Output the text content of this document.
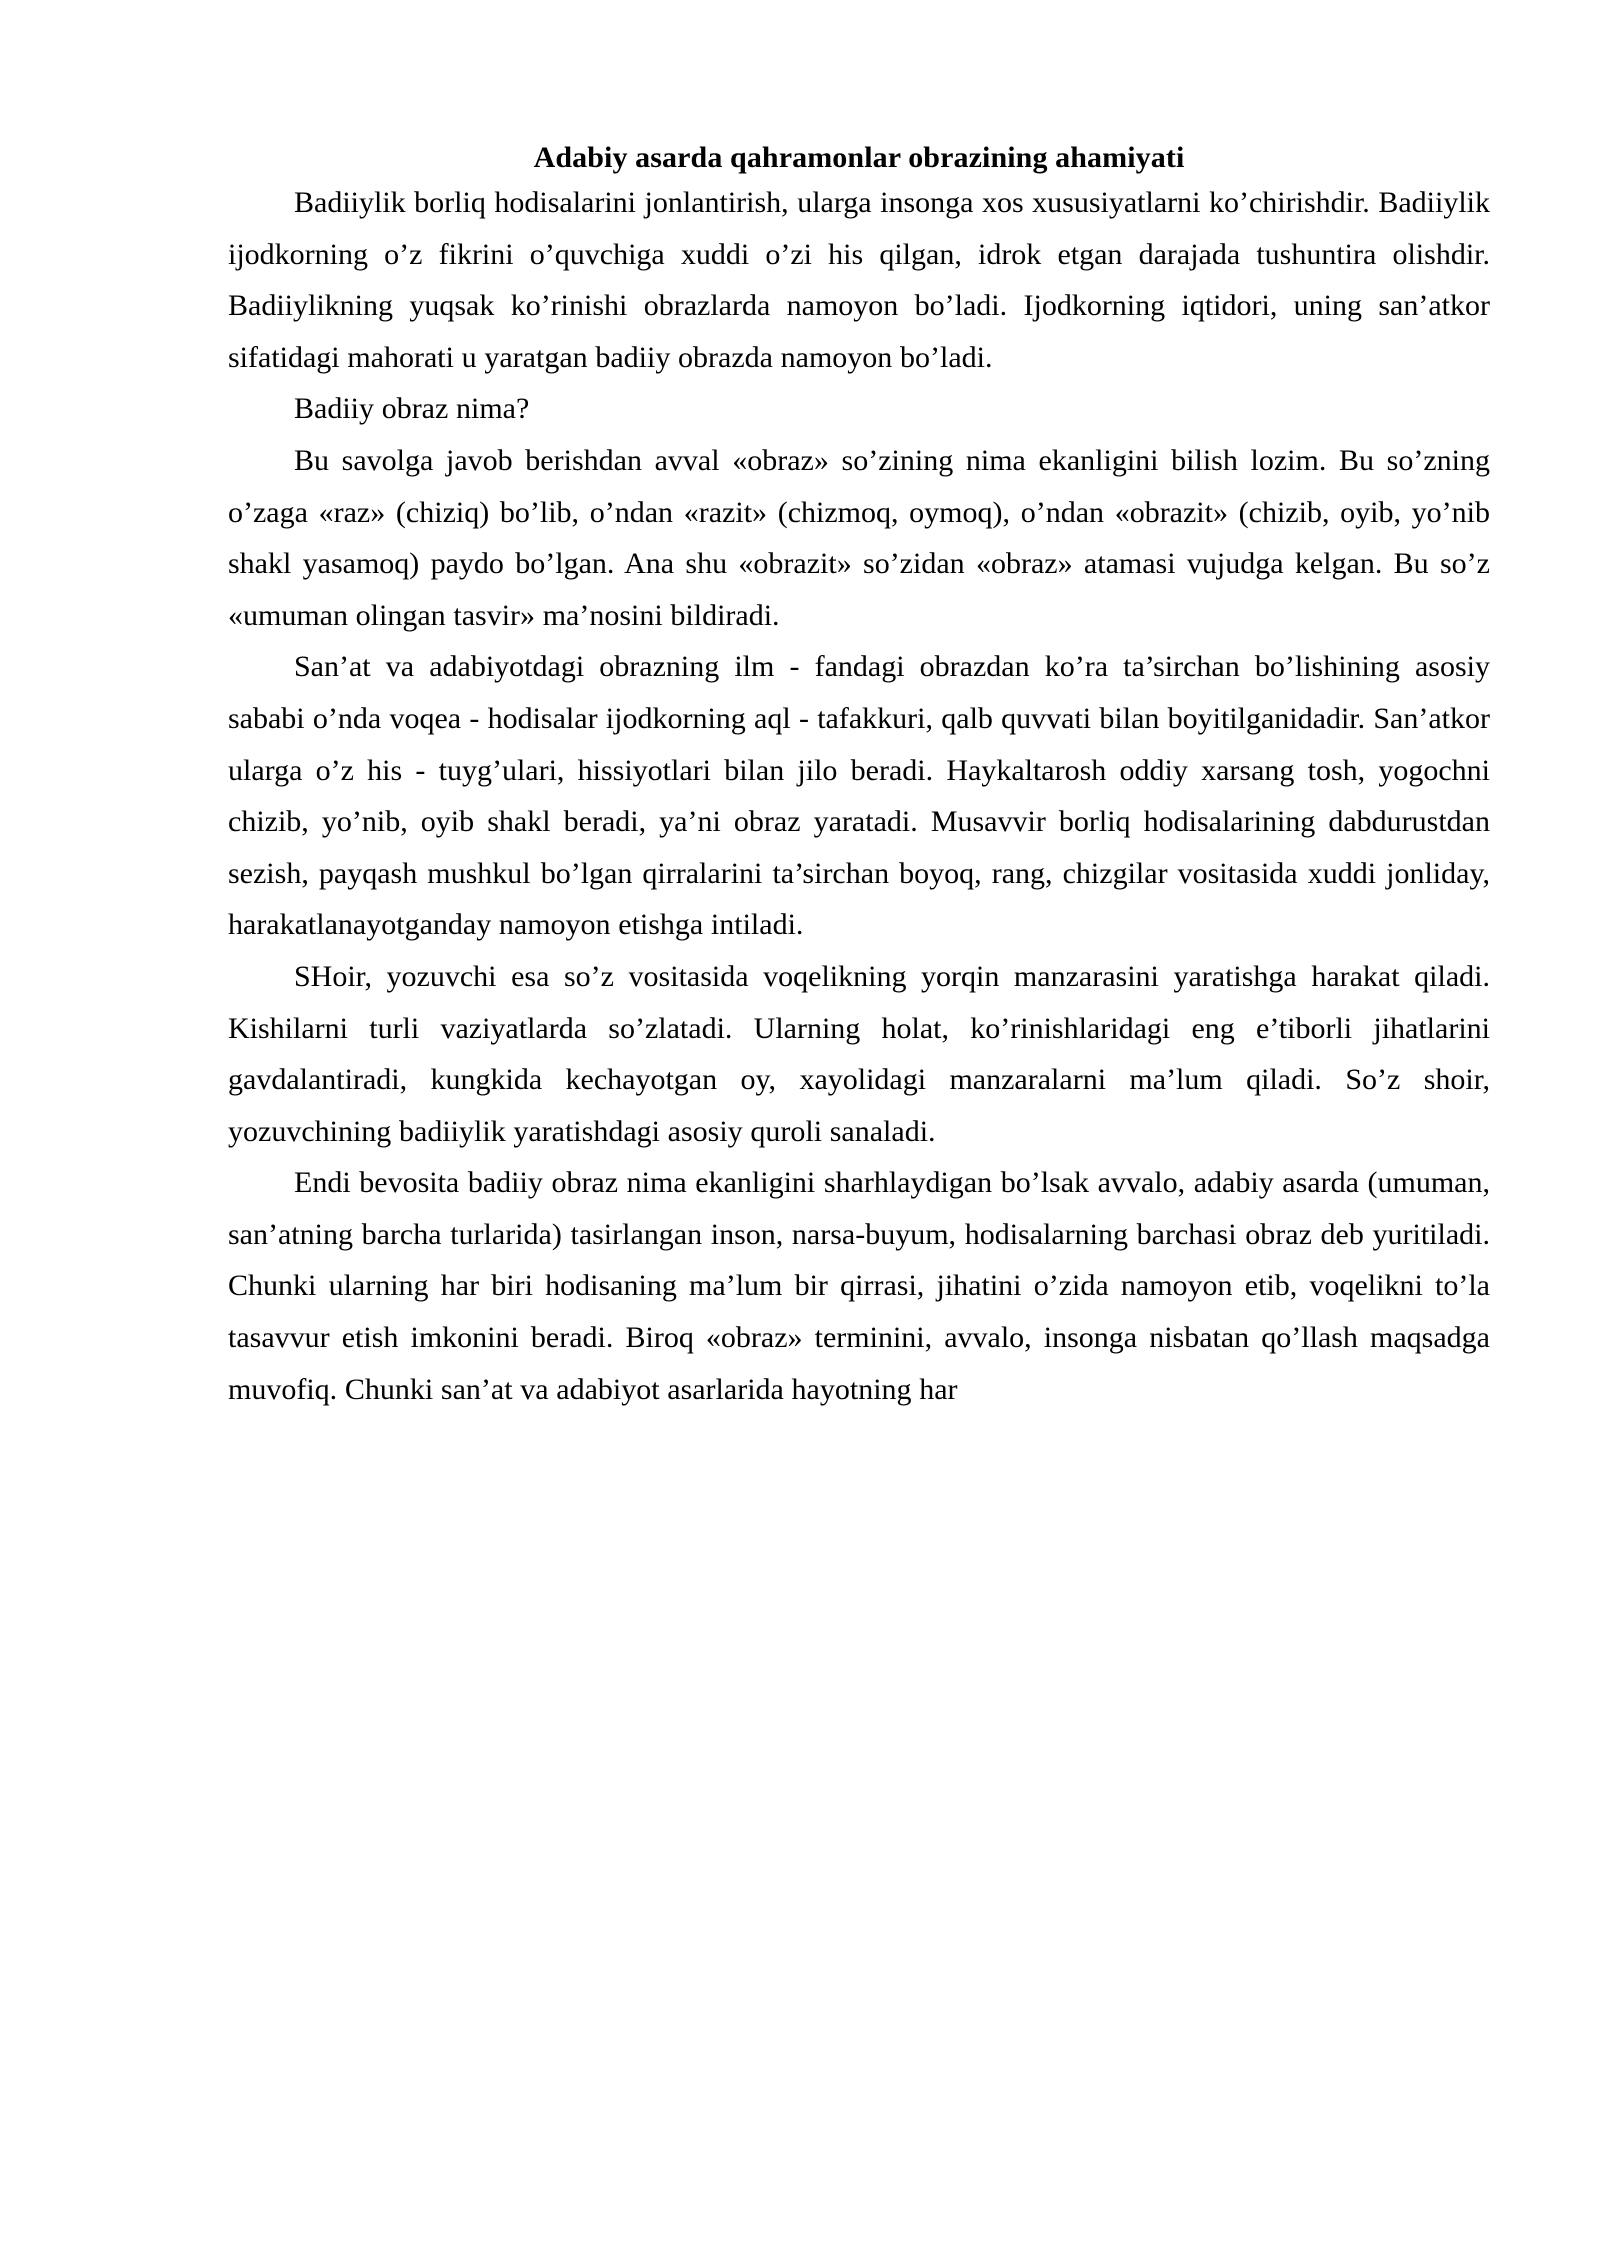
Adabiy asarda qahramonlar obrazining ahamiyati

Badiiylik borliq hodisalarini jonlantirish, ularga insonga xos xususiyatlarni ko’chirishdir. Badiiylik ijodkorning o’z fikrini o’quvchiga xuddi o’zi his qilgan, idrok etgan darajada tushuntira olishdir. Badiiylikning yuqsak ko’rinishi obrazlarda namoyon bo’ladi. Ijodkorning iqtidori, uning san’atkor sifatidagi mahorati u yaratgan badiiy obrazda namoyon bo’ladi.

Badiiy obraz nima?

Bu savolga javob berishdan avval «obraz» so’zining nima ekanligini bilish lozim. Bu so’zning o’zaga «raz» (chiziq) bo’lib, o’ndan «razit» (chizmoq, oymoq), o’ndan «obrazit» (chizib, oyib, yo’nib shakl yasamoq) paydo bo’lgan. Ana shu «obrazit» so’zidan «obraz» atamasi vujudga kelgan. Bu so’z «umuman olingan tasvir» ma’nosini bildiradi.

San’at va adabiyotdagi obrazning ilm - fandagi obrazdan ko’ra ta’sirchan bo’lishining asosiy sababi o’nda voqea - hodisalar ijodkorning aql - tafakkuri, qalb quvvati bilan boyitilganidadir. San’atkor ularga o’z his - tuyg’ulari, hissiyotlari bilan jilo beradi. Haykaltarosh oddiy xarsang tosh, yogochni chizib, yo’nib, oyib shakl beradi, ya’ni obraz yaratadi. Musavvir borliq hodisalarining dabdurustdan sezish, payqash mushkul bo’lgan qirralarini ta’sirchan boyoq, rang, chizgilar vositasida xuddi jonliday, harakatlanayotganday namoyon etishga intiladi.

SHoir, yozuvchi esa so’z vositasida voqelikning yorqin manzarasini yaratishga harakat qiladi. Kishilarni turli vaziyatlarda so’zlatadi. Ularning holat, ko’rinishlaridagi eng e’tiborli jihatlarini gavdalantiradi, kungkida kechayotgan oy, xayolidagi manzaralarni ma’lum qiladi. So’z shoir, yozuvchining badiiylik yaratishdagi asosiy quroli sanaladi.

Endi bevosita badiiy obraz nima ekanligini sharhlaydigan bo’lsak avvalo, adabiy asarda (umuman, san’atning barcha turlarida) tasirlangan inson, narsa-buyum, hodisalarning barchasi obraz deb yuritiladi. Chunki ularning har biri hodisaning ma’lum bir qirrasi, jihatini o’zida namoyon etib, voqelikni to’la tasavvur etish imkonini beradi. Biroq «obraz» terminini, avvalo, insonga nisbatan qo’llash maqsadga muvofiq. Chunki san’at va adabiyot asarlarida hayotning har
